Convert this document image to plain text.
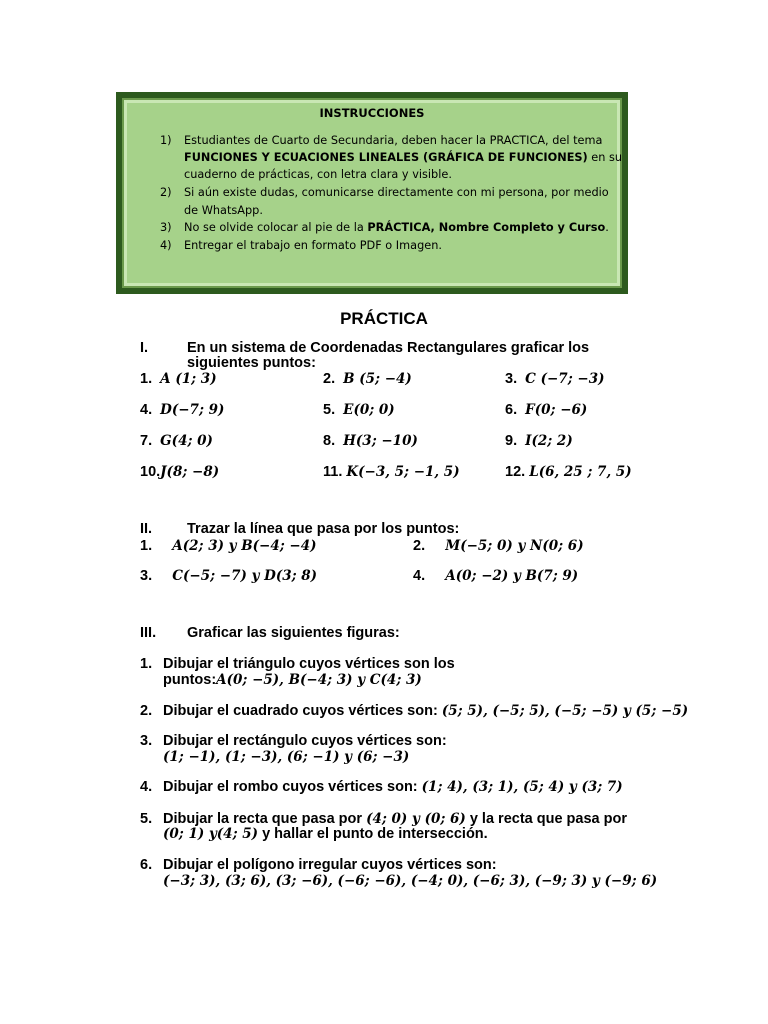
INSTRUCCIONES
1) Estudiantes de Cuarto de Secundaria, deben hacer la PRACTICA, del tema
FUNCIONES Y ECUACIONES LINEALES (GRÁFICA DE FUNCIONES) en su
cuaderno de prácticas, con letra clara y visible.
2) Si aún existe dudas, comunicarse directamente con mi persona, por medio
de WhatsApp.
3) No se olvide colocar al pie de la PRÁCTICA, Nombre Completo y Curso.
4) Entregar el trabajo en formato PDF o Imagen.
PRÁCTICA
I.	En un sistema de Coordenadas Rectangulares graficar los
siguientes puntos:
1. A (1; 3)	2. B (5; −4)	3. C (−7; −3)
4. D(−7; 9)	5. E(0; 0)	6. F(0; −6)
7. G(4; 0)	8. H(3; −10)	9. I(2; 2)
10.J(8; −8)	11. K(−3, 5; −1, 5)	12. L(6, 25 ; 7, 5)
II. Trazar la línea que pasa por los puntos:
1. A(2; 3) y B(−4; −4)	2. M(−5; 0) y N(0; 6)
3. C(−5; −7) y D(3; 8)	4. A(0; −2) y B(7; 9)
III. Graficar las siguientes figuras:
1. Dibujar el triángulo cuyos vértices son los
puntos:A(0; −5), B(−4; 3) y C(4; 3)
2. Dibujar el cuadrado cuyos vértices son: (5; 5), (−5; 5), (−5; −5) y (5; −5)
3. Dibujar el rectángulo cuyos vértices son:
(1; −1), (1; −3), (6; −1) y (6; −3)
4. Dibujar el rombo cuyos vértices son: (1; 4), (3; 1), (5; 4) y (3; 7)
5. Dibujar la recta que pasa por (4; 0) y (0; 6) y la recta que pasa por
(0; 1) y(4; 5) y hallar el punto de intersección.
6. Dibujar el polígono irregular cuyos vértices son:
(−3; 3), (3; 6), (3; −6), (−6; −6), (−4; 0), (−6; 3), (−9; 3) y (−9; 6)
